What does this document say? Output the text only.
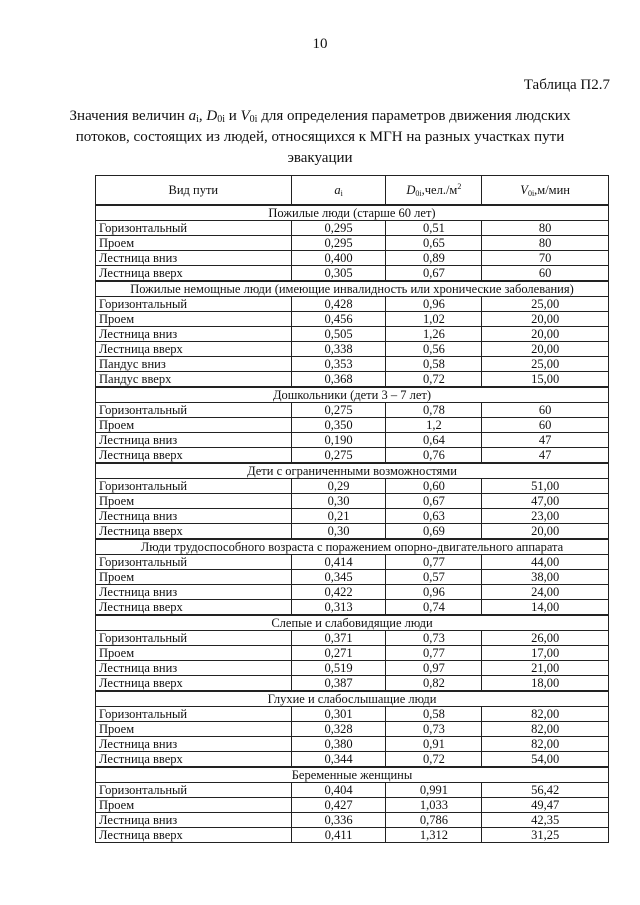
10
Таблица П2.7
Значения величин $a_i$, $D_{0i}$ и $V_{0i}$ для определения параметров движения людских потоков, состоящих из людей, относящихся к МГН на разных участках пути эвакуации
Вид пути	$a_i$	$D_{0i},чел./м^2$	$V_{0i},м$/мин
Пожилые люди (старше 60 лет)			
Горизонтальный	0,295	0,51	80
Проем	0,295	0,65	80
Лестница вниз	0,400	0,89	70
Лестница вверх	0,305	0,67	60
Пожилые немощные люди (имеющие инвалидность или хронические заболевания)			
Горизонтальный	0,428	0,96	25,00
Проем	0,456	1,02	20,00
Лестница вниз	0,505	1,26	20,00
Лестница вверх	0,338	0,56	20,00
Пандус вниз	0,353	0,58	25,00
Пандус вверх	0,368	0,72	15,00
Дошкольники (дети 3 – 7 лет)			
Горизонтальный	0,275	0,78	60
Проем	0,350	1,2	60
Лестница вниз	0,190	0,64	47
Лестница вверх	0,275	0,76	47
Дети с ограниченными возможностями			
Горизонтальный	0,29	0,60	51,00
Проем	0,30	0,67	47,00
Лестница вниз	0,21	0,63	23,00
Лестница вверх	0,30	0,69	20,00
Люди трудоспособного возраста с поражением опорно-двигательного аппарата			
Горизонтальный	0,414	0,77	44,00
Проем	0,345	0,57	38,00
Лестница вниз	0,422	0,96	24,00
Лестница вверх	0,313	0,74	14,00
Слепые и слабовидящие люди			
Горизонтальный	0,371	0,73	26,00
Проем	0,271	0,77	17,00
Лестница вниз	0,519	0,97	21,00
Лестница вверх	0,387	0,82	18,00
Глухие и слабослышащие люди			
Горизонтальный	0,301	0,58	82,00
Проем	0,328	0,73	82,00
Лестница вниз	0,380	0,91	82,00
Лестница вверх	0,344	0,72	54,00
Беременные женщины			
Горизонтальный	0,404	0,991	56,42
Проем	0,427	1,033	49,47
Лестница вниз	0,336	0,786	42,35
Лестница вверх	0,411	1,312	31,25
